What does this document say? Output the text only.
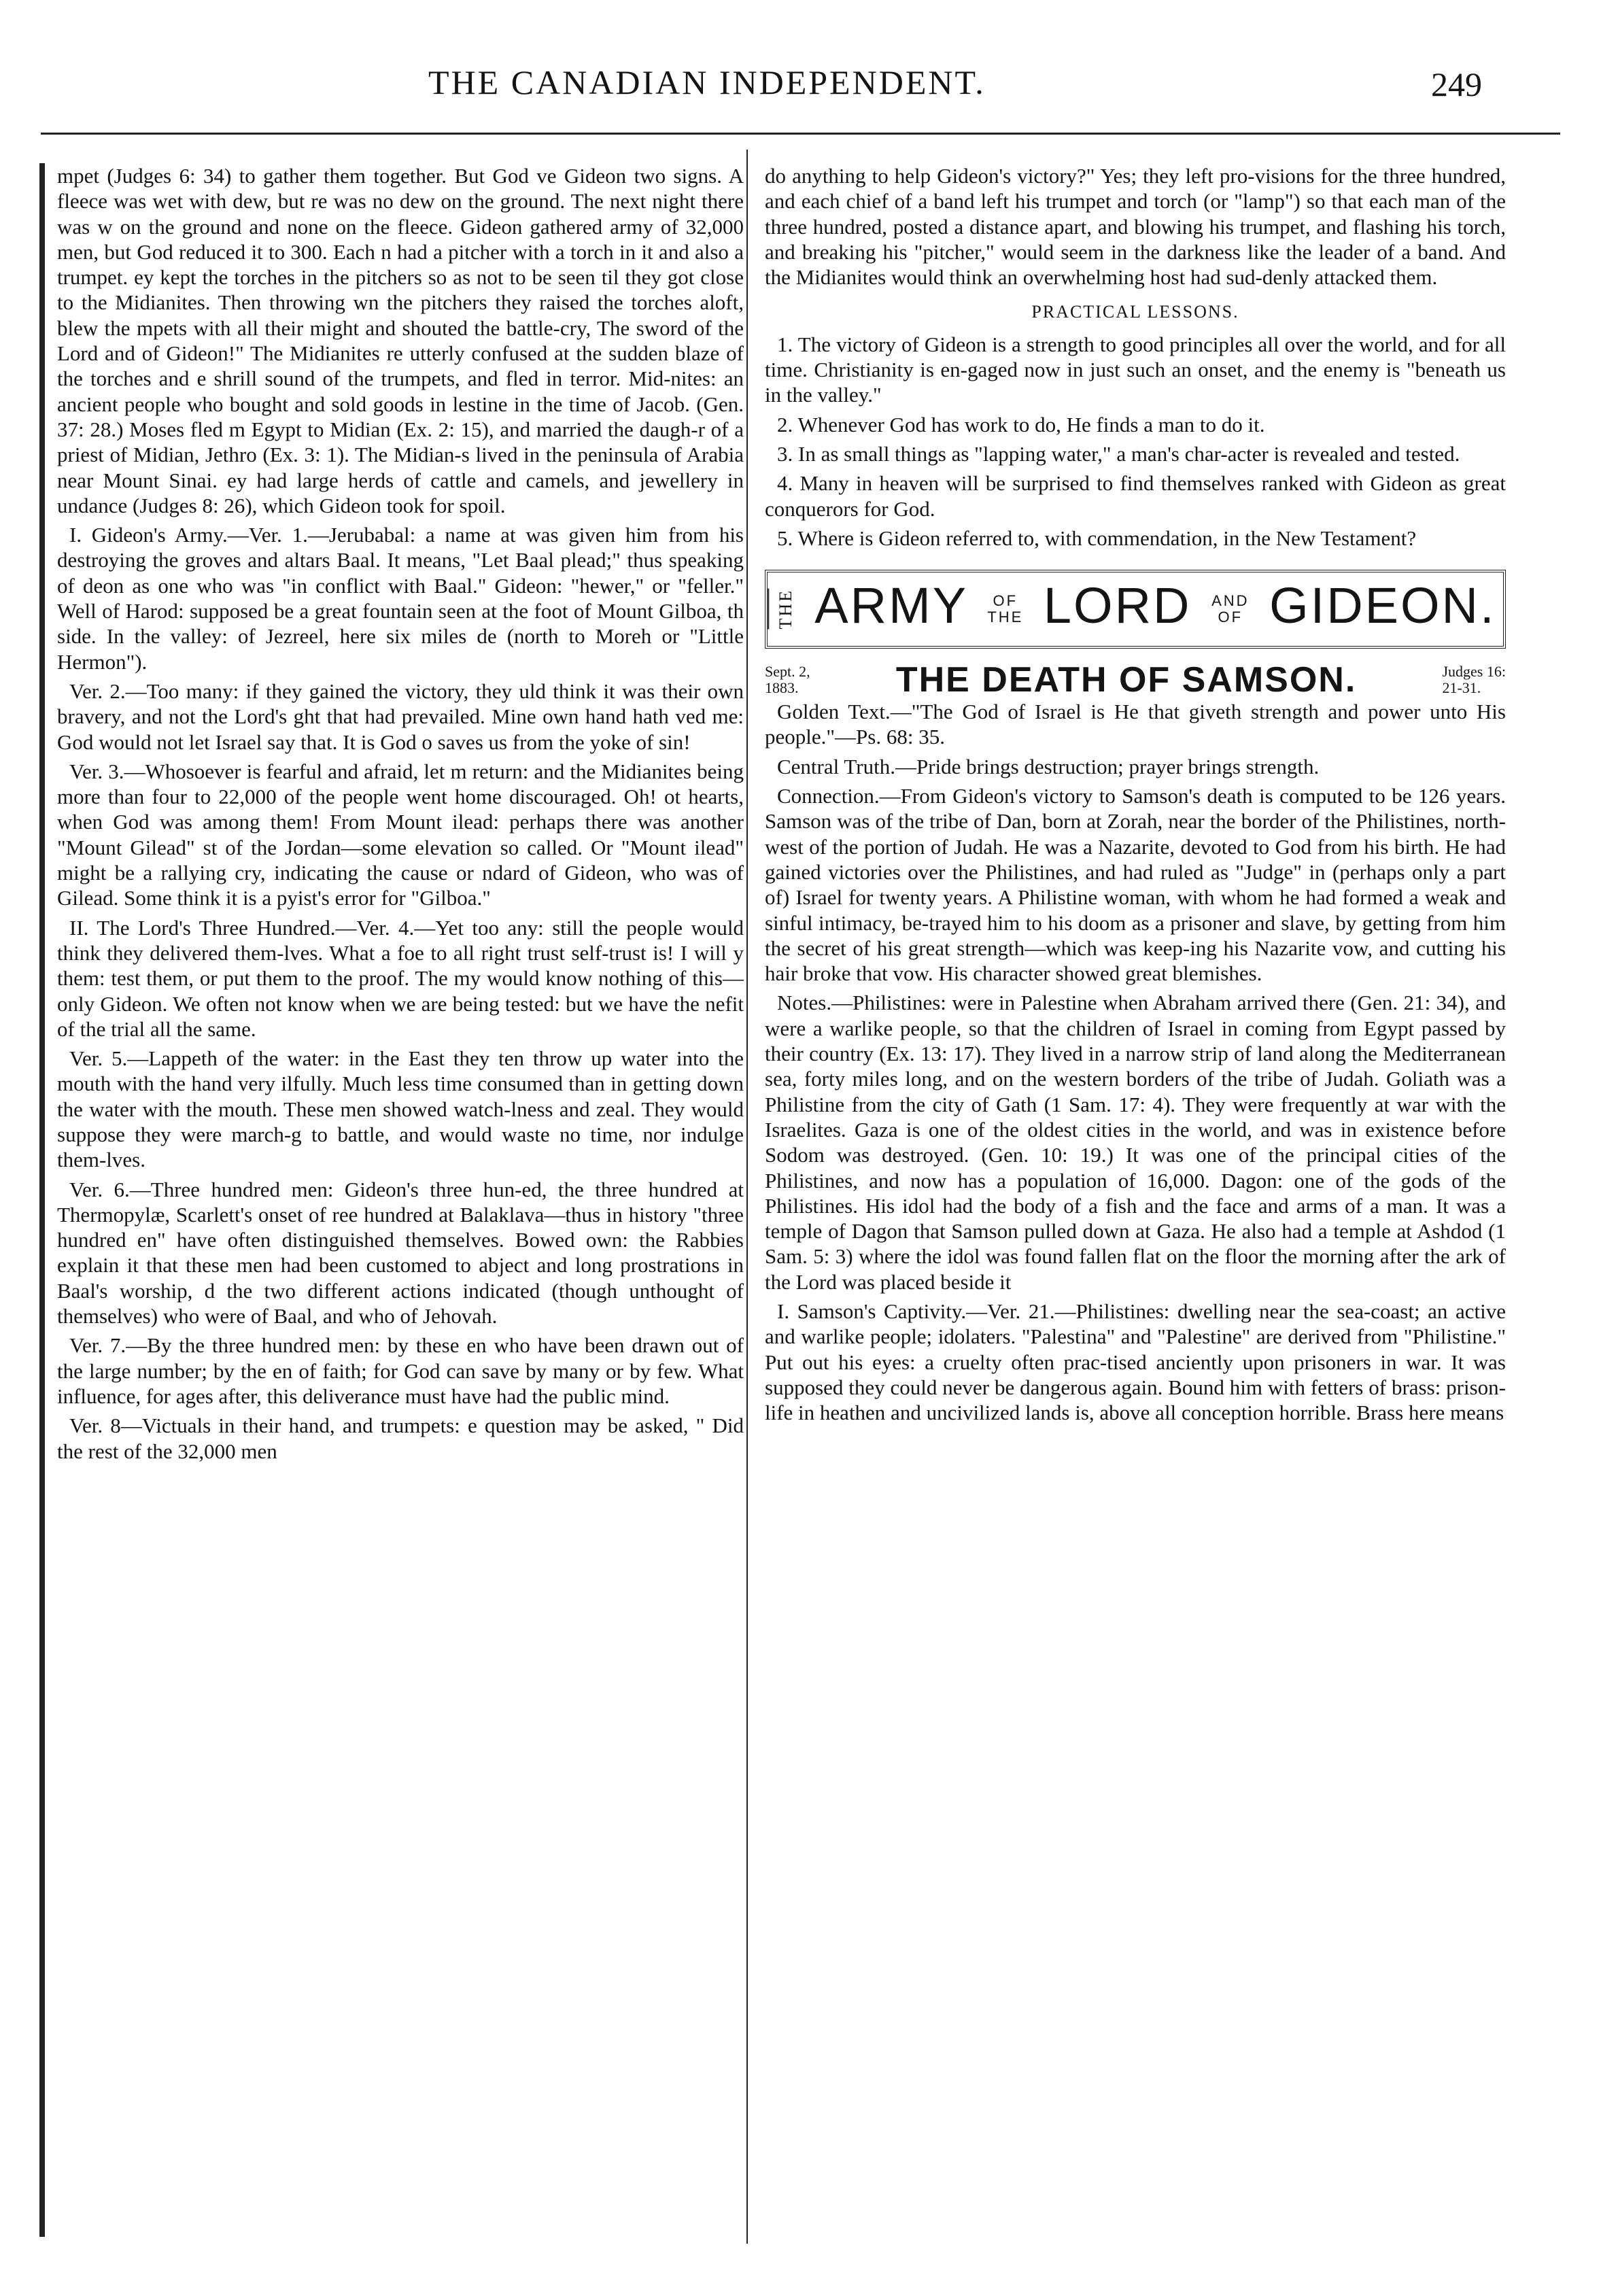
THE CANADIAN INDEPENDENT.	249

mpet (Judges 6: 34) to gather them together. But God ve Gideon two signs. A fleece was wet with dew, but re was no dew on the ground. The next night there was w on the ground and none on the fleece. Gideon gathered army of 32,000 men, but God reduced it to 300. Each n had a pitcher with a torch in it and also a trumpet. ey kept the torches in the pitchers so as not to be seen til they got close to the Midianites. Then throwing wn the pitchers they raised the torches aloft, blew the mpets with all their might and shouted the battle-cry, The sword of the Lord and of Gideon!" The Midianites re utterly confused at the sudden blaze of the torches and e shrill sound of the trumpets, and fled in terror. Mid-nites: an ancient people who bought and sold goods in lestine in the time of Jacob. (Gen. 37: 28.) Moses fled m Egypt to Midian (Ex. 2: 15), and married the daugh-r of a priest of Midian, Jethro (Ex. 3: 1). The Midian-s lived in the peninsula of Arabia near Mount Sinai. ey had large herds of cattle and camels, and jewellery in undance (Judges 8: 26), which Gideon took for spoil.

I. Gideon's Army.—Ver. 1.—Jerubabal: a name at was given him from his destroying the groves and altars Baal. It means, "Let Baal plead;" thus speaking of deon as one who was "in conflict with Baal." Gideon: "hewer," or "feller." Well of Harod: supposed be a great fountain seen at the foot of Mount Gilboa, th side. In the valley: of Jezreel, here six miles de (north to Moreh or "Little Hermon").

Ver. 2.—Too many: if they gained the victory, they uld think it was their own bravery, and not the Lord's ght that had prevailed. Mine own hand hath ved me: God would not let Israel say that. It is God o saves us from the yoke of sin!

Ver. 3.—Whosoever is fearful and afraid, let m return: and the Midianites being more than four to 22,000 of the people went home discouraged. Oh! ot hearts, when God was among them! From Mount ilead: perhaps there was another "Mount Gilead" st of the Jordan—some elevation so called. Or "Mount ilead" might be a rallying cry, indicating the cause or ndard of Gideon, who was of Gilead. Some think it is a pyist's error for "Gilboa."

II. The Lord's Three Hundred.—Ver. 4.—Yet too any: still the people would think they delivered them-lves. What a foe to all right trust self-trust is! I will y them: test them, or put them to the proof. The my would know nothing of this—only Gideon. We often not know when we are being tested: but we have the nefit of the trial all the same.

Ver. 5.—Lappeth of the water: in the East they ten throw up water into the mouth with the hand very ilfully. Much less time consumed than in getting down the water with the mouth. These men showed watch-lness and zeal. They would suppose they were march-g to battle, and would waste no time, nor indulge them-lves.

Ver. 6.—Three hundred men: Gideon's three hun-ed, the three hundred at Thermopylæ, Scarlett's onset of ree hundred at Balaklava—thus in history "three hundred en" have often distinguished themselves. Bowed own: the Rabbies explain it that these men had been customed to abject and long prostrations in Baal's worship, d the two different actions indicated (though unthought of themselves) who were of Baal, and who of Jehovah.

Ver. 7.—By the three hundred men: by these en who have been drawn out of the large number; by the en of faith; for God can save by many or by few. What influence, for ages after, this deliverance must have had the public mind.

Ver. 8—Victuals in their hand, and trumpets: e question may be asked, " Did the rest of the 32,000 men

do anything to help Gideon's victory?" Yes; they left pro-visions for the three hundred, and each chief of a band left his trumpet and torch (or "lamp") so that each man of the three hundred, posted a distance apart, and blowing his trumpet, and flashing his torch, and breaking his "pitcher," would seem in the darkness like the leader of a band. And the Midianites would think an overwhelming host had sud-denly attacked them.

PRACTICAL LESSONS.

1. The victory of Gideon is a strength to good principles all over the world, and for all time. Christianity is en-gaged now in just such an onset, and the enemy is "beneath us in the valley."

2. Whenever God has work to do, He finds a man to do it.

3. In as small things as "lapping water," a man's char-acter is revealed and tested.

4. Many in heaven will be surprised to find themselves ranked with Gideon as great conquerors for God.

5. Where is Gideon referred to, with commendation, in the New Testament?

THE ARMY	OF
THE LORD AND
OF GIDEON.
Sept. 2,
1883.	THE DEATH OF SAMSON.	Judges 16:
21-31.

Golden Text.—"The God of Israel is He that giveth strength and power unto His people."—Ps. 68: 35.

Central Truth.—Pride brings destruction; prayer brings strength.

Connection.—From Gideon's victory to Samson's death is computed to be 126 years. Samson was of the tribe of Dan, born at Zorah, near the border of the Philistines, north-west of the portion of Judah. He was a Nazarite, devoted to God from his birth. He had gained victories over the Philistines, and had ruled as "Judge" in (perhaps only a part of) Israel for twenty years. A Philistine woman, with whom he had formed a weak and sinful intimacy, be-trayed him to his doom as a prisoner and slave, by getting from him the secret of his great strength—which was keep-ing his Nazarite vow, and cutting his hair broke that vow. His character showed great blemishes.

Notes.—Philistines: were in Palestine when Abraham arrived there (Gen. 21: 34), and were a warlike people, so that the children of Israel in coming from Egypt passed by their country (Ex. 13: 17). They lived in a narrow strip of land along the Mediterranean sea, forty miles long, and on the western borders of the tribe of Judah. Goliath was a Philistine from the city of Gath (1 Sam. 17: 4). They were frequently at war with the Israelites. Gaza is one of the oldest cities in the world, and was in existence before Sodom was destroyed. (Gen. 10: 19.) It was one of the principal cities of the Philistines, and now has a population of 16,000. Dagon: one of the gods of the Philistines. His idol had the body of a fish and the face and arms of a man. It was a temple of Dagon that Samson pulled down at Gaza. He also had a temple at Ashdod (1 Sam. 5: 3) where the idol was found fallen flat on the floor the morning after the ark of the Lord was placed beside it

I. Samson's Captivity.—Ver. 21.—Philistines: dwelling near the sea-coast; an active and warlike people; idolaters. "Palestina" and "Palestine" are derived from "Philistine." Put out his eyes: a cruelty often prac-tised anciently upon prisoners in war. It was supposed they could never be dangerous again. Bound him with fetters of brass: prison-life in heathen and uncivilized lands is, above all conception horrible. Brass here means
